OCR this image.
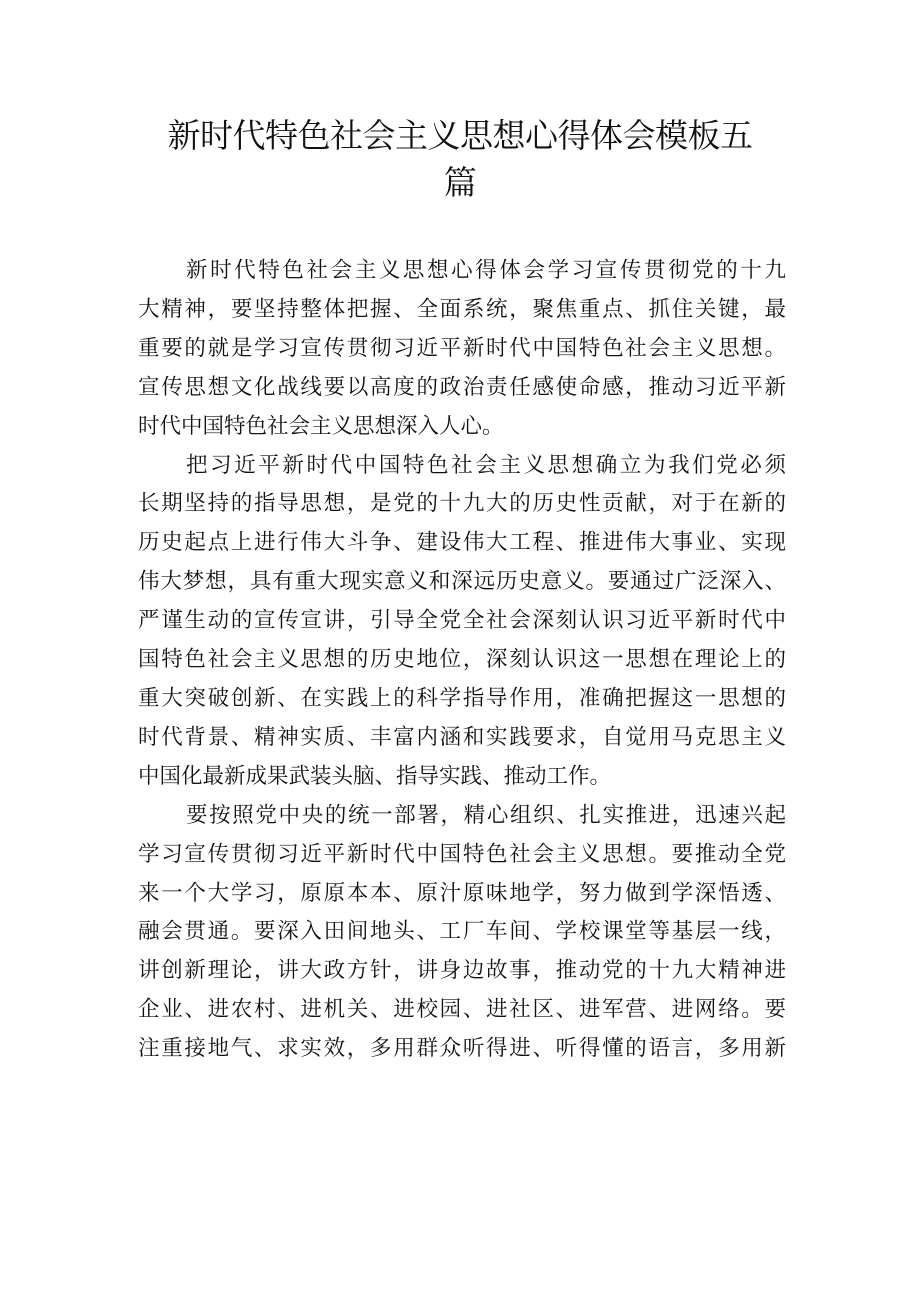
新时代特色社会主义思想心得体会模板五
篇
新时代特色社会主义思想心得体会学习宣传贯彻党的十九
大精神，要坚持整体把握、全面系统，聚焦重点、抓住关键，最
重要的就是学习宣传贯彻习近平新时代中国特色社会主义思想。
宣传思想文化战线要以高度的政治责任感使命感，推动习近平新
时代中国特色社会主义思想深入人心。
把习近平新时代中国特色社会主义思想确立为我们党必须
长期坚持的指导思想，是党的十九大的历史性贡献，对于在新的
历史起点上进行伟大斗争、建设伟大工程、推进伟大事业、实现
伟大梦想，具有重大现实意义和深远历史意义。要通过广泛深入、
严谨生动的宣传宣讲，引导全党全社会深刻认识习近平新时代中
国特色社会主义思想的历史地位，深刻认识这一思想在理论上的
重大突破创新、在实践上的科学指导作用，准确把握这一思想的
时代背景、精神实质、丰富内涵和实践要求，自觉用马克思主义
中国化最新成果武装头脑、指导实践、推动工作。
要按照党中央的统一部署，精心组织、扎实推进，迅速兴起
学习宣传贯彻习近平新时代中国特色社会主义思想。要推动全党
来一个大学习，原原本本、原汁原味地学，努力做到学深悟透、
融会贯通。要深入田间地头、工厂车间、学校课堂等基层一线，
讲创新理论，讲大政方针，讲身边故事，推动党的十九大精神进
企业、进农村、进机关、进校园、进社区、进军营、进网络。要
注重接地气、求实效，多用群众听得进、听得懂的语言，多用新
